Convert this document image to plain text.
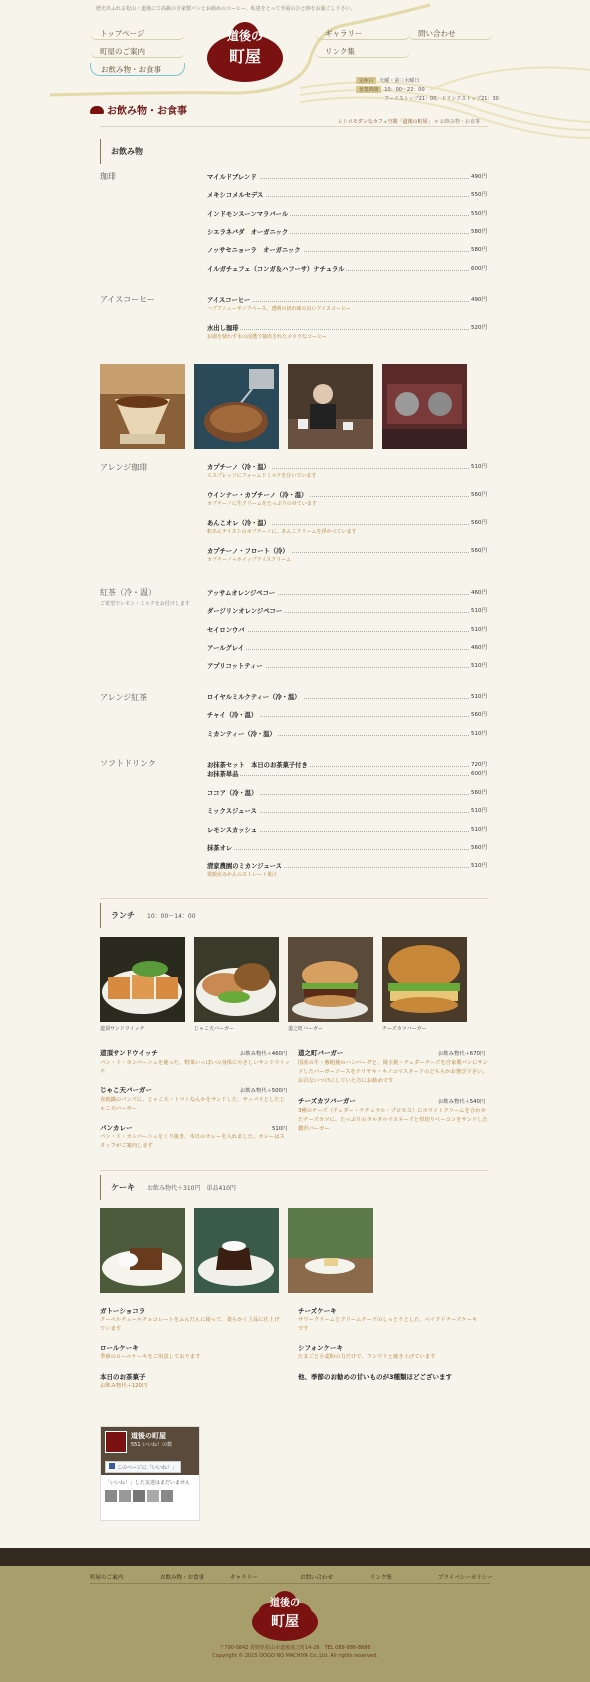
歴史あふれる松山・道後にて高級の自家製パンとお勧めのコーヒー。私達をとって至福のひと時をお過ごし下さい。
トップページ
町屋のご案内
お飲み物・お食事
ギャラリー	問い合わせ
リンク集
道後の
町屋
定休日 火曜・第三水曜日
営業時間 10：00〜22：00
フードストップ21：00、ドリンクストップ21：30
お飲み物・お食事
レトロモダンなカフェ空間「道後の町屋」 > お飲み物・お食事
お飲み物
珈琲	マイルドブレンド	490円
メキシコメルセデス	550円
インドモンスーンマラバール	550円
シエラネバダ　オーガニック	580円
ノッサセニョーラ　オーガニック	580円
イルガチェフェ（コンガ＆ハフーサ）ナチュラル	600円
アイスコーヒー	アイスコーヒー	490円
ハプアニューギニアベース。透明の切れ味の良いアイスコーヒー
水出し珈琲	520円
お湯を使わず水の浸透で抽出されたメロウなコーヒー
アレンジ珈琲	カプチーノ（冷・温）	510円
エスプレッソにフォームドミルクを注いでいます
ウインナー・カプチーノ（冷・温）	560円
カプチーノに生クリームをたっぷりのせています
あんこオレ（冷・温）	560円
粒あんテイストのカプチーノに、あんこクリームを浮かべています
カプチーノ・フロート（冷）	560円
カプチーノ＋ホイップアイスクリーム
紅茶（冷・温）
ご希望でレモン・ミルクをお付けします
アッサムオレンジペコー	460円
ダージリンオレンジペコー	510円
セイロンウバ	510円
アールグレイ	460円
アプリコットティー	510円
アレンジ紅茶	ロイヤルミルクティー（冷・温）	510円
チャイ（冷・温）	560円
ミカンティー（冷・温）	510円
ソフトドリンク	お抹茶セット　本日のお茶菓子付き	720円
お抹茶単品	600円
ココア（冷・温）	560円
ミックスジュース	510円
レモンスカッシュ	510円
抹茶オレ	560円
清家農園のミカンジュース	510円
愛媛産みかんのストレート果汁
ランチ 10：00〜14：00
道頂サンドウイッチ	じゃこ天バーガー	道之町バーガー	チーズカツバーガー
道頂サンドウイッチ	お飲み物代＋460円
パン・ド・カンパーニュを使った、野菜いっぱいの身体にやさしいサンドウイッチ
道之町バーガー	お飲み物代＋670円
国産の牛・豚粗挽のハンバーグと、岡玉焼・チェダーチーズを自家製パンにサンドしたバーガーソースをテリヤキ・キノコマスタードのどちらかお選び下さい。お召ないつけにしていた方にお勧めです
じゃこ天バーガー	お飲み物代＋500円
直焼鍋のパンズに、じゃこ天・トマトなんかをサンドした、サッパリとしたじゃこ天バーガー
チーズカツバーガー	お飲み物代＋540円
3種のチーズ（チェダー・ナチュラル・プロセス）にホワイトクリームを合わせたチーズカツに、たっぷりのタルタルマヨネーズと厚切りベーコンをサンドした贅沢バーガー
パンカレー	510円
パン・ド・カンパーニュをくり抜き、本日のカレーを入れました。カレーはスタッフがご案内します
ケーキ お飲み物代＋310円　単品410円
ガトーショコラ
クーベルチュールチョコレートをふんだんに使って、柔らかく上品に仕上げています
チーズケーキ
サワークリームとクリームチーズのしっとりとした、ベイクドチーズケーキです
ロールケーキ
季節のロールケーキをご用意しております
シフォンケーキ
たまごと小麦粉の力だけで、フンワリと焼き上げています
本日のお茶菓子
お飲み物代＋120円
他、季節のお勧めの甘いものが3種類ほどございます
道後の町屋
551 いいね！の数
このページに「いいね！」
「いいね！」した友達はまだいません
町屋のご案内	お飲み物・お食事	ギャラリー	お問い合わせ	リンク集	プライバシーポリシー
道後の
町屋
〒790-0842 愛媛県松山市道後湯之町14-26　TEL 089-986-8886
Copyright © 2015 DOGO NO MACHIYA Co.,Ltd. All rights reserved.
